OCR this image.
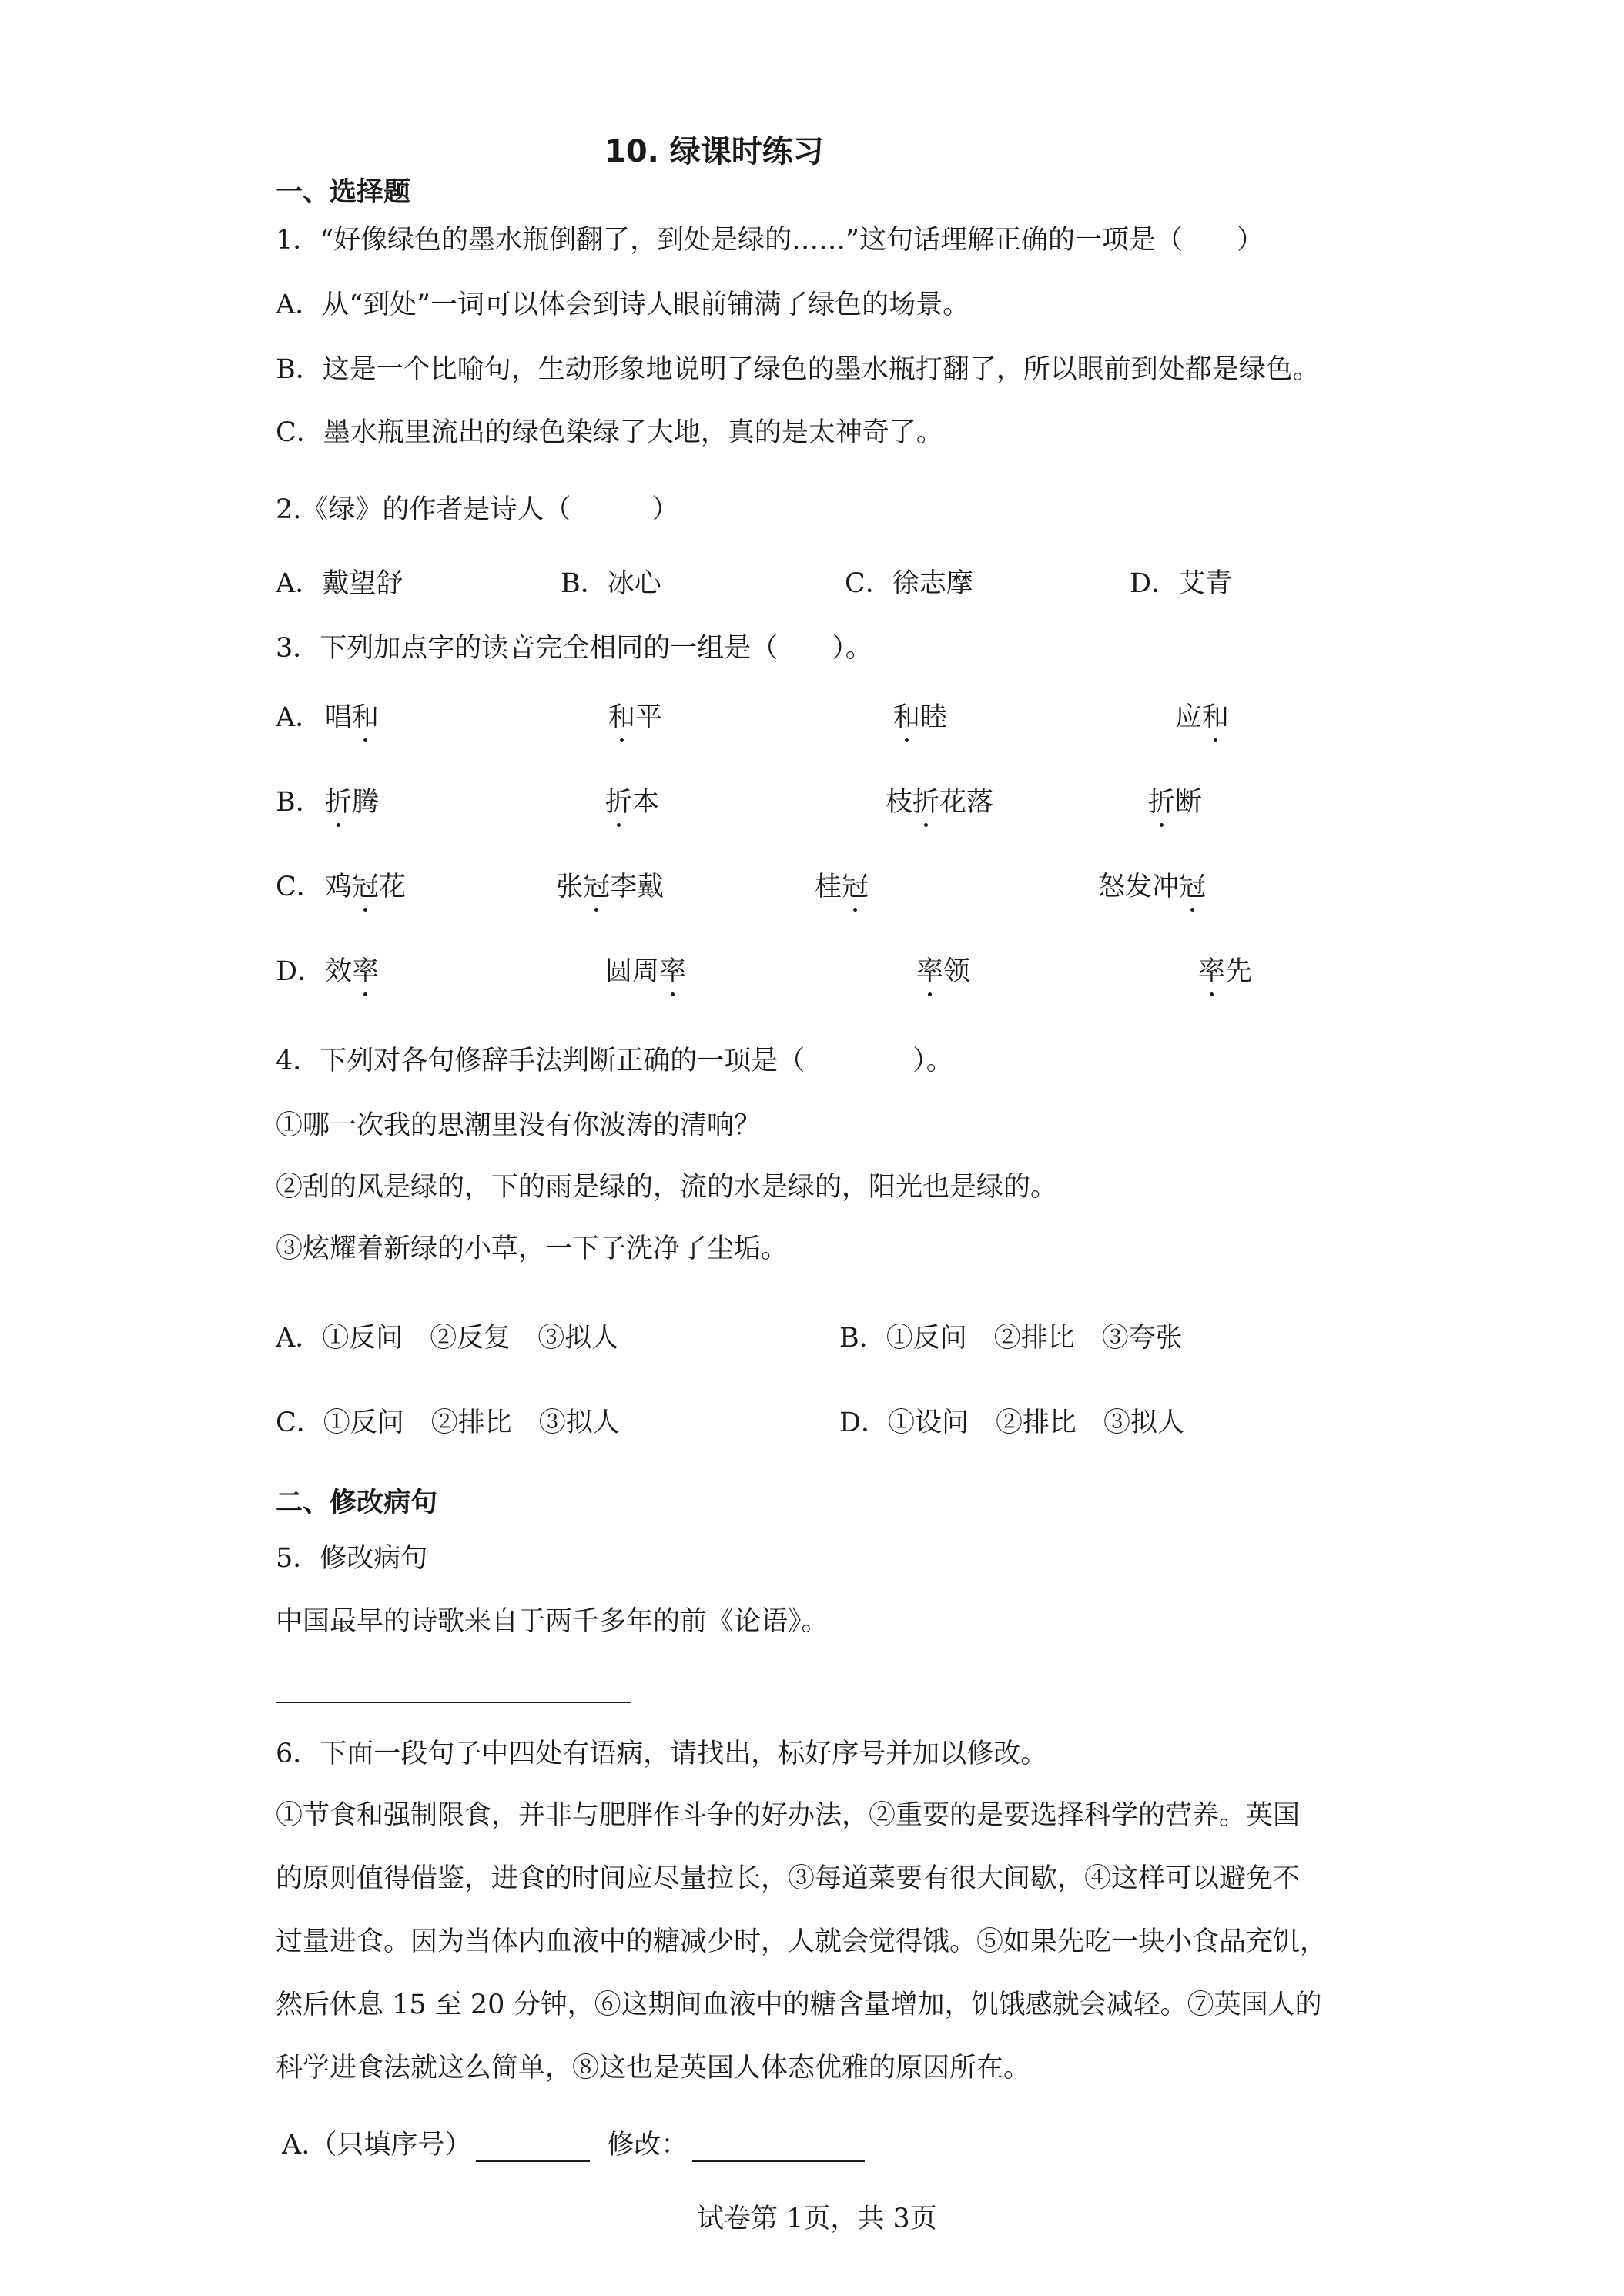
10. 绿课时练习
一、选择题
1．“好像绿色的墨水瓶倒翻了，到处是绿的……”这句话理解正确的一项是（　　）
A．从“到处”一词可以体会到诗人眼前铺满了绿色的场景。
B．这是一个比喻句，生动形象地说明了绿色的墨水瓶打翻了，所以眼前到处都是绿色。
C．墨水瓶里流出的绿色染绿了大地，真的是太神奇了。
2.《绿》的作者是诗人（　　　）
A．戴望舒	B．冰心	C．徐志摩	D．艾青
3．下列加点字的读音完全相同的一组是（　　）。
A． 唱和	和平	和睦	应和
B． 折腾	折本	枝折花落	折断
C． 鸡冠花	张冠李戴	桂冠	怒发冲冠
D． 效率	圆周率	率领	率先
4．下列对各句修辞手法判断正确的一项是（　　　　）。
①哪一次我的思潮里没有你波涛的清响？
②刮的风是绿的，下的雨是绿的，流的水是绿的，阳光也是绿的。
③炫耀着新绿的小草，一下子洗净了尘垢。
A．①反问　②反复　③拟人	B．①反问　②排比　③夸张
C．①反问　②排比　③拟人	D．①设问　②排比　③拟人
二、修改病句
5．修改病句
中国最早的诗歌来自于两千多年的前《论语》。
6．下面一段句子中四处有语病，请找出，标好序号并加以修改。
①节食和强制限食，并非与肥胖作斗争的好办法，②重要的是要选择科学的营养。英国
的原则值得借鉴，进食的时间应尽量拉长，③每道菜要有很大间歇，④这样可以避免不
过量进食。因为当体内血液中的糖减少时，人就会觉得饿。⑤如果先吃一块小食品充饥，
然后休息 15 至 20 分钟，⑥这期间血液中的糖含量增加，饥饿感就会减轻。⑦英国人的
科学进食法就这么简单，⑧这也是英国人体态优雅的原因所在。
A.（只填序号）	修改：
试卷第 1页，共 3页
